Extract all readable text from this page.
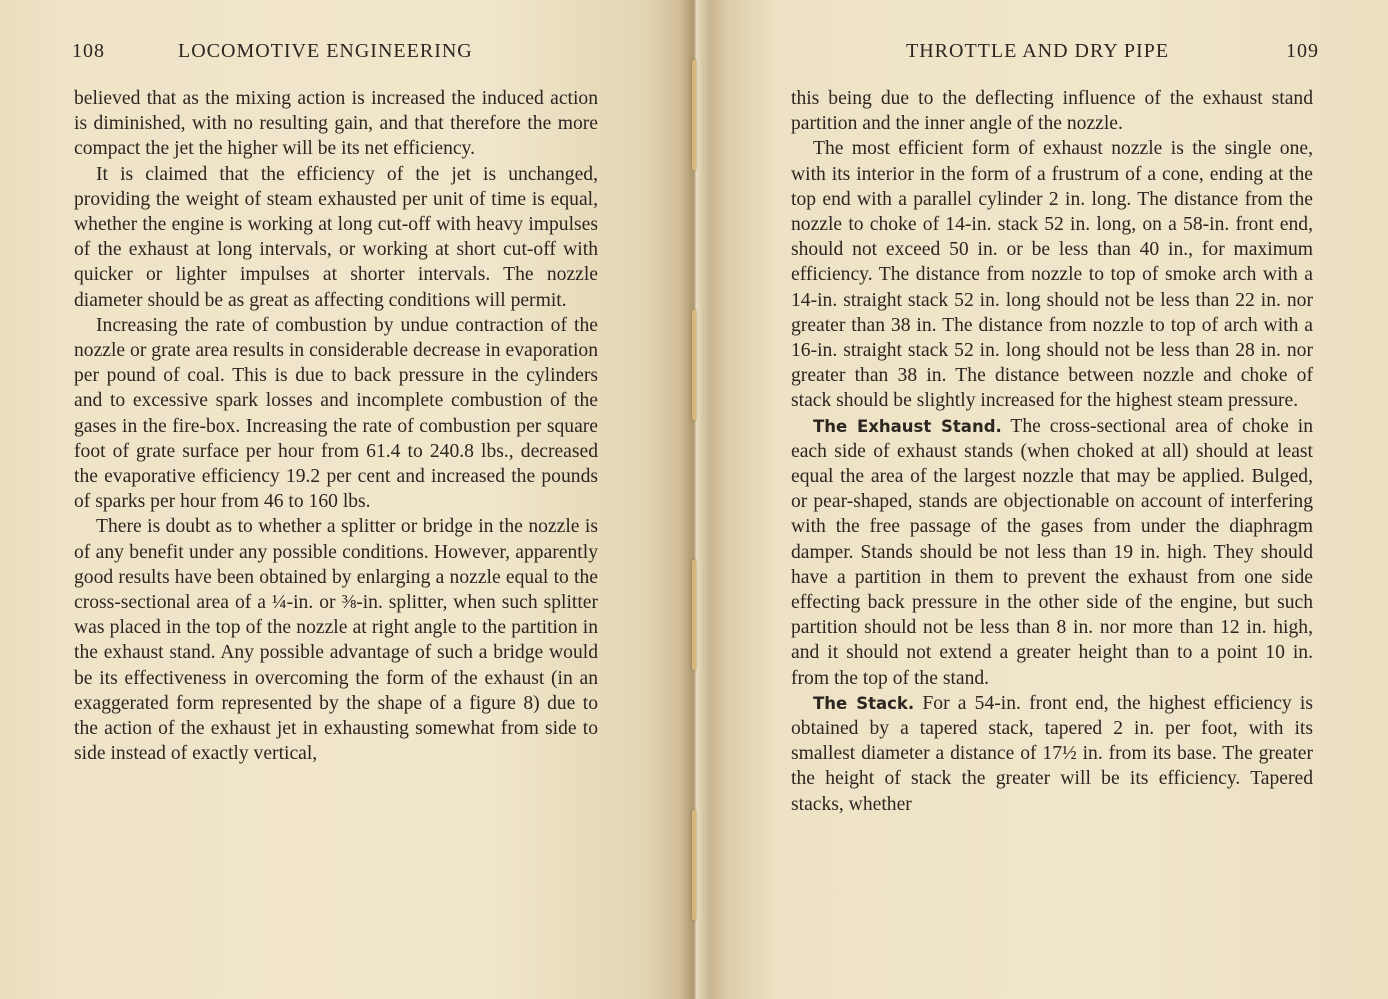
108	LOCOMOTIVE ENGINEERING

believed that as the mixing action is increased the induced action is diminished, with no resulting gain, and that therefore the more compact the jet the higher will be its net efficiency.

It is claimed that the efficiency of the jet is unchanged, providing the weight of steam exhausted per unit of time is equal, whether the engine is working at long cut-off with heavy impulses of the exhaust at long intervals, or working at short cut-off with quicker or lighter impulses at shorter intervals. The nozzle diameter should be as great as affecting conditions will permit.

Increasing the rate of combustion by undue contraction of the nozzle or grate area results in considerable decrease in evaporation per pound of coal. This is due to back pressure in the cylinders and to excessive spark losses and incomplete combustion of the gases in the fire-box. Increasing the rate of combustion per square foot of grate surface per hour from 61.4 to 240.8 lbs., decreased the evaporative efficiency 19.2 per cent and increased the pounds of sparks per hour from 46 to 160 lbs.

There is doubt as to whether a splitter or bridge in the nozzle is of any benefit under any possible conditions. However, apparently good results have been obtained by enlarging a nozzle equal to the cross-sectional area of a ¼-in. or ⅜-in. splitter, when such splitter was placed in the top of the nozzle at right angle to the partition in the exhaust stand. Any possible advantage of such a bridge would be its effectiveness in overcoming the form of the exhaust (in an exaggerated form represented by the shape of a figure 8) due to the action of the exhaust jet in exhausting somewhat from side to side instead of exactly vertical,

THROTTLE AND DRY PIPE	109

this being due to the deflecting influence of the exhaust stand partition and the inner angle of the nozzle.

The most efficient form of exhaust nozzle is the single one, with its interior in the form of a frustrum of a cone, ending at the top end with a parallel cylinder 2 in. long. The distance from the nozzle to choke of 14-in. stack 52 in. long, on a 58-in. front end, should not exceed 50 in. or be less than 40 in., for maximum efficiency. The distance from nozzle to top of smoke arch with a 14-in. straight stack 52 in. long should not be less than 22 in. nor greater than 38 in. The distance from nozzle to top of arch with a 16-in. straight stack 52 in. long should not be less than 28 in. nor greater than 38 in. The distance between nozzle and choke of stack should be slightly increased for the highest steam pressure.

The Exhaust Stand. The cross-sectional area of choke in each side of exhaust stands (when choked at all) should at least equal the area of the largest nozzle that may be applied. Bulged, or pear-shaped, stands are objectionable on account of interfering with the free passage of the gases from under the diaphragm damper. Stands should be not less than 19 in. high. They should have a partition in them to prevent the exhaust from one side effecting back pressure in the other side of the engine, but such partition should not be less than 8 in. nor more than 12 in. high, and it should not extend a greater height than to a point 10 in. from the top of the stand.

The Stack. For a 54-in. front end, the highest efficiency is obtained by a tapered stack, tapered 2 in. per foot, with its smallest diameter a distance of 17½ in. from its base. The greater the height of stack the greater will be its efficiency. Tapered stacks, whether
